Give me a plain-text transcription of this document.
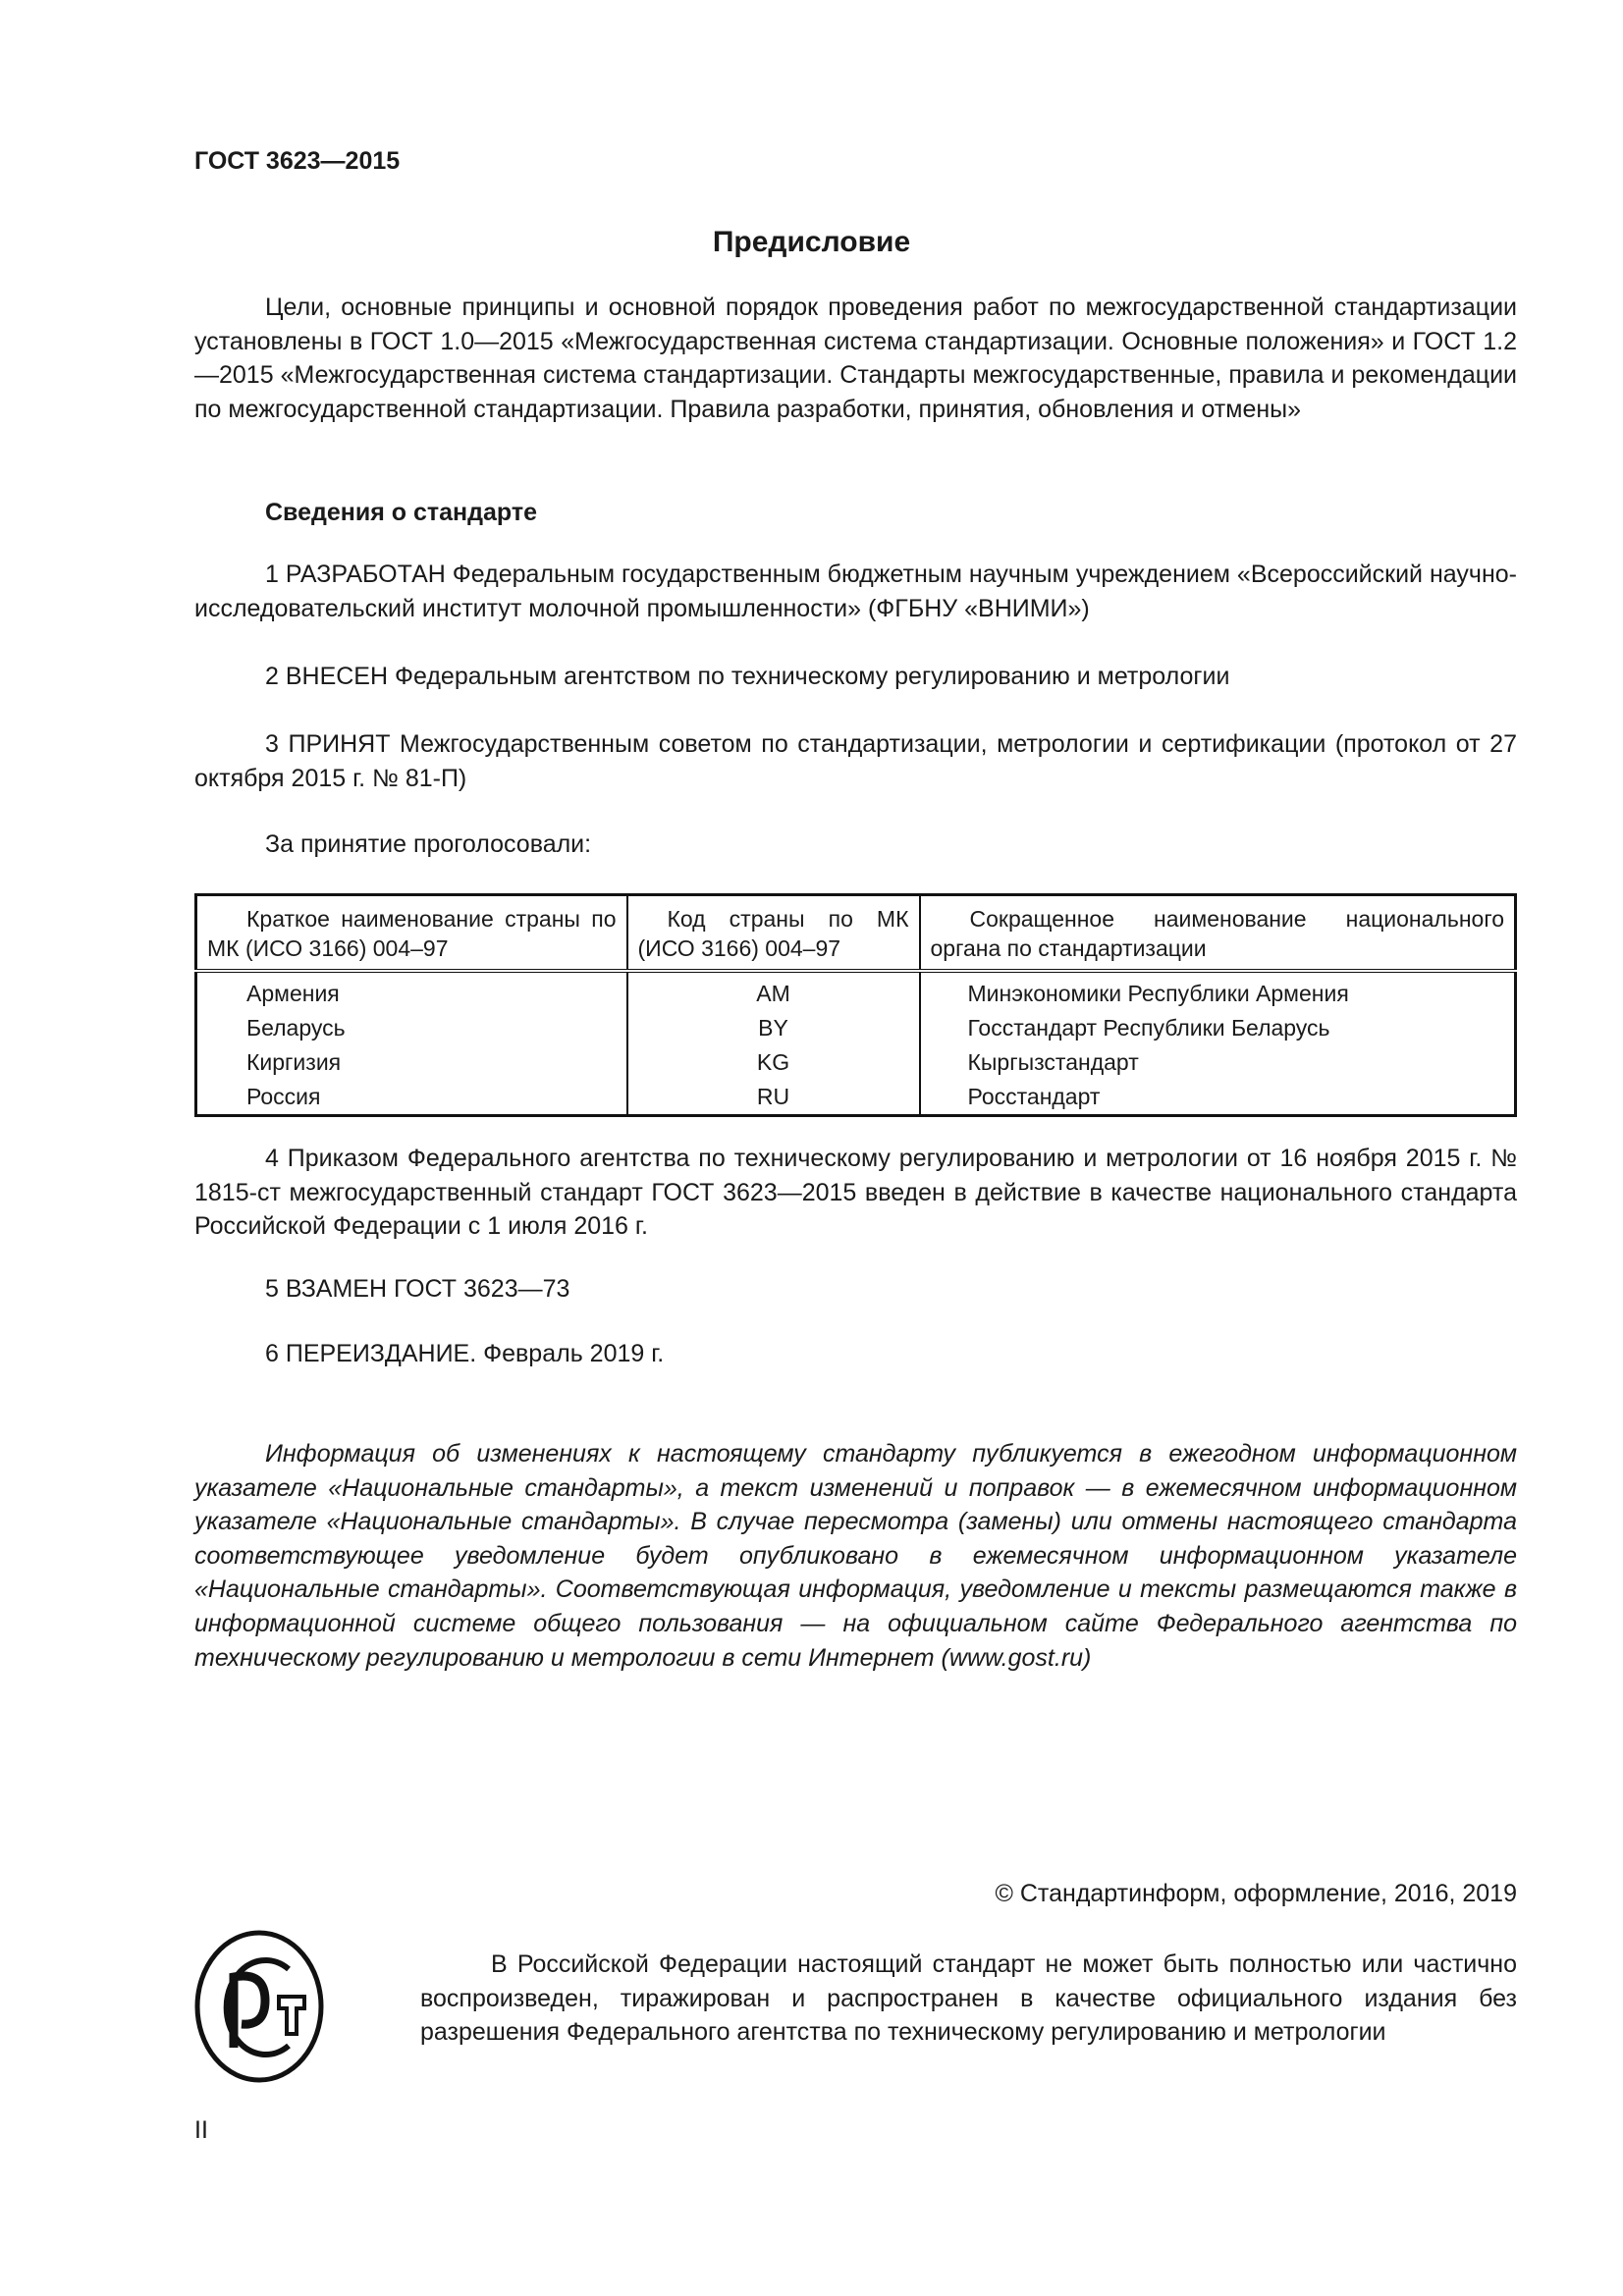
ГОСТ 3623—2015
Предисловие
Цели, основные принципы и основной порядок проведения работ по межгосударственной стандартизации установлены в ГОСТ 1.0—2015 «Межгосударственная система стандартизации. Основные положения» и ГОСТ 1.2—2015 «Межгосударственная система стандартизации. Стандарты межгосударственные, правила и рекомендации по межгосударственной стандартизации. Правила разработки, принятия, обновления и отмены»
Сведения о стандарте
1 РАЗРАБОТАН Федеральным государственным бюджетным научным учреждением «Всероссийский научно-исследовательский институт молочной промышленности» (ФГБНУ «ВНИМИ»)
2 ВНЕСЕН Федеральным агентством по техническому регулированию и метрологии
3 ПРИНЯТ Межгосударственным советом по стандартизации, метрологии и сертификации (протокол от 27 октября 2015 г. № 81-П)
За принятие проголосовали:
Краткое наименование страны по МК (ИСО 3166) 004–97	Код страны по МК (ИСО 3166) 004–97	Сокращенное наименование национального органа по стандартизации
Армения	AM	Минэкономики Республики Армения
Беларусь	BY	Госстандарт Республики Беларусь
Киргизия	KG	Кыргызстандарт
Россия	RU	Росстандарт
4 Приказом Федерального агентства по техническому регулированию и метрологии от 16 ноября 2015 г. № 1815-ст межгосударственный стандарт ГОСТ 3623—2015 введен в действие в качестве национального стандарта Российской Федерации с 1 июля 2016 г.
5 ВЗАМЕН ГОСТ 3623—73
6 ПЕРЕИЗДАНИЕ. Февраль 2019 г.
Информация об изменениях к настоящему стандарту публикуется в ежегодном информационном указателе «Национальные стандарты», а текст изменений и поправок — в ежемесячном информационном указателе «Национальные стандарты». В случае пересмотра (замены) или отмены настоящего стандарта соответствующее уведомление будет опубликовано в ежемесячном информационном указателе «Национальные стандарты». Соответствующая информация, уведомление и тексты размещаются также в информационной системе общего пользования — на официальном сайте Федерального агентства по техническому регулированию и метрологии в сети Интернет (www.gost.ru)
© Стандартинформ, оформление, 2016, 2019
В Российской Федерации настоящий стандарт не может быть полностью или частично воспроизведен, тиражирован и распространен в качестве официального издания без разрешения Федерального агентства по техническому регулированию и метрологии
II
